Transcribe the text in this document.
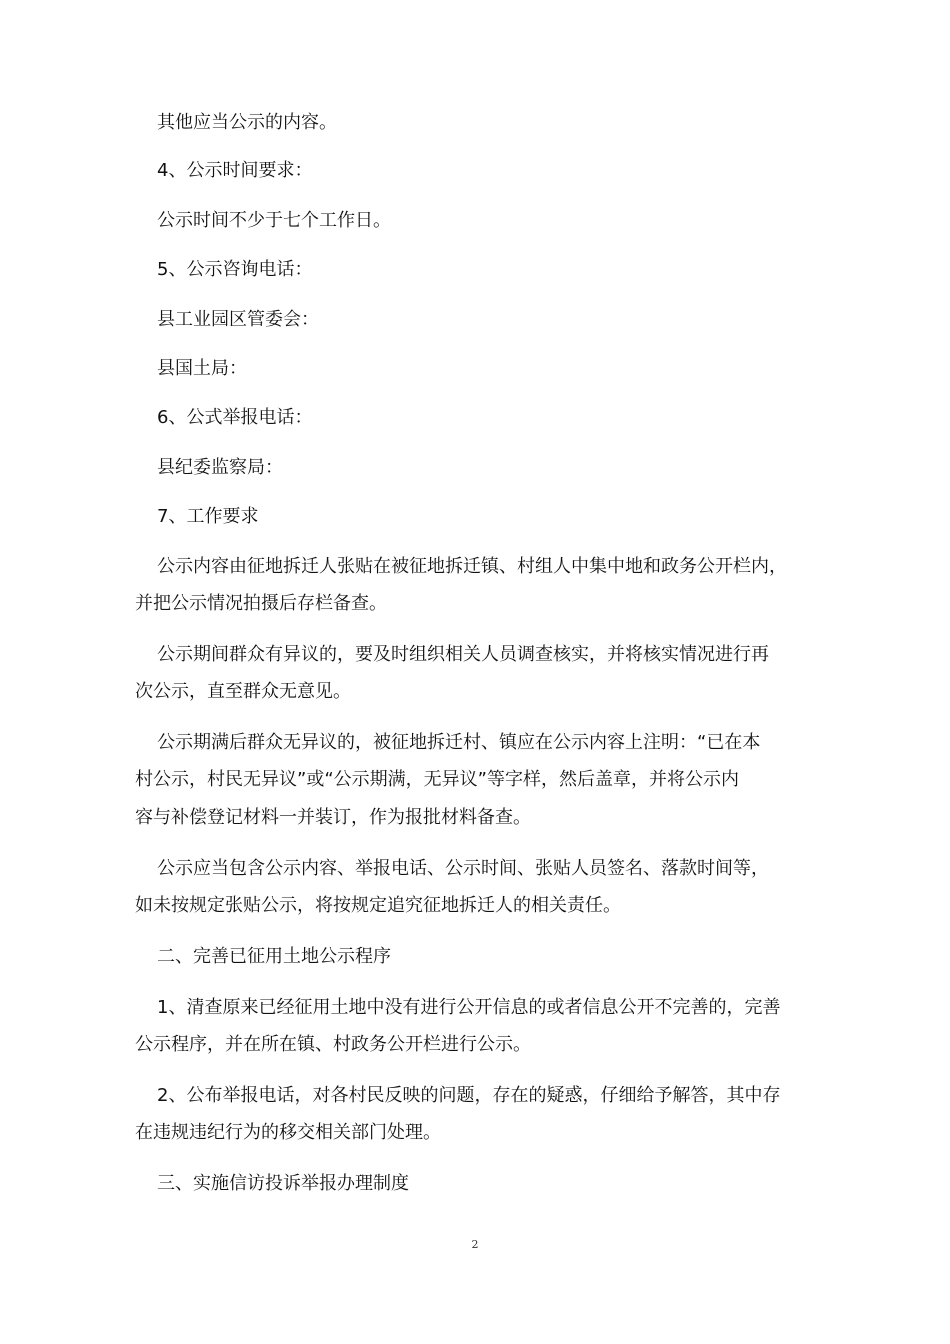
其他应当公示的内容。
4、公示时间要求：
公示时间不少于七个工作日。
5、公示咨询电话：
县工业园区管委会：
县国土局：
6、公式举报电话：
县纪委监察局：
7、工作要求
公示内容由征地拆迁人张贴在被征地拆迁镇、村组人中集中地和政务公开栏内，
并把公示情况拍摄后存栏备查。
公示期间群众有异议的，要及时组织相关人员调查核实，并将核实情况进行再
次公示，直至群众无意见。
公示期满后群众无异议的，被征地拆迁村、镇应在公示内容上注明：“已在本
村公示，村民无异议”或“公示期满，无异议”等字样，然后盖章，并将公示内
容与补偿登记材料一并装订，作为报批材料备查。
公示应当包含公示内容、举报电话、公示时间、张贴人员签名、落款时间等，
如未按规定张贴公示，将按规定追究征地拆迁人的相关责任。
二、完善已征用土地公示程序
1、清查原来已经征用土地中没有进行公开信息的或者信息公开不完善的，完善
公示程序，并在所在镇、村政务公开栏进行公示。
2、公布举报电话，对各村民反映的问题，存在的疑惑，仔细给予解答，其中存
在违规违纪行为的移交相关部门处理。
三、实施信访投诉举报办理制度
2
